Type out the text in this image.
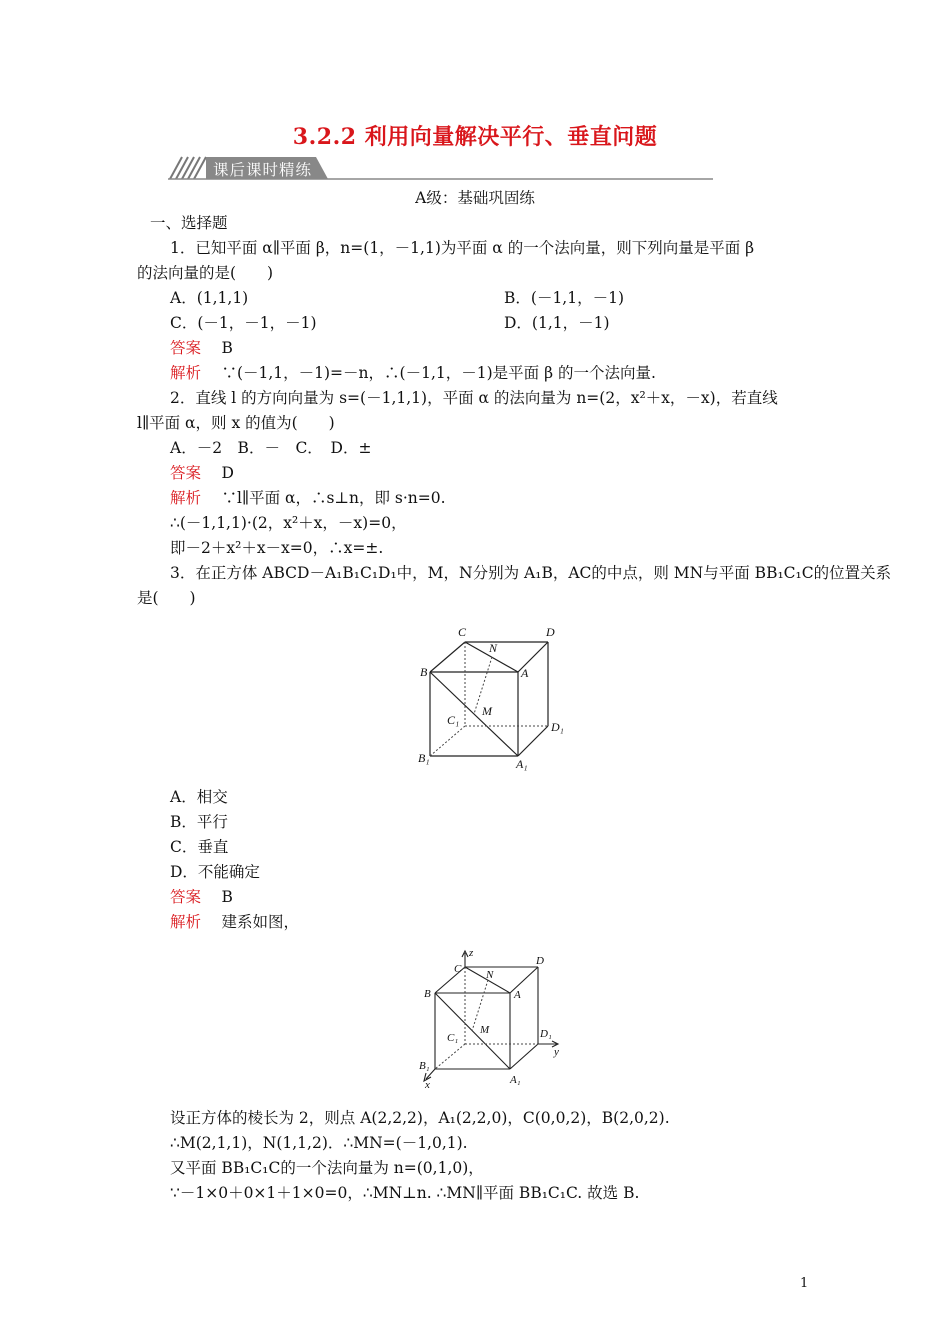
3.2.2 利用向量解决平行、垂直问题
课后课时精练
A级：基础巩固练
一、选择题
1．已知平面 α∥平面 β，n=(1，－1,1)为平面 α 的一个法向量，则下列向量是平面 β
的法向量的是(　　)
A．(1,1,1)	B．(－1,1，－1)
C．(－1，－1，－1)	D．(1,1，－1)
答案　 B
解析　 ∵(－1,1，－1)=－n，∴(－1,1，－1)是平面 β 的一个法向量.
2．直线 l 的方向向量为 s=(－1,1,1)，平面 α 的法向量为 n=(2，x²＋x，－x)，若直线
l∥平面 α，则 x 的值为(　　)
A．－2　B．－　C．　D．±
答案　 D
解析　 ∵l∥平面 α，∴s⊥n，即 s·n=0.
∴(－1,1,1)·(2，x²＋x，－x)=0，
即－2＋x²＋x－x=0，∴x=±.
3．在正方体 ABCD－A₁B₁C₁D₁中，M，N分别为 A₁B，AC的中点，则 MN与平面 BB₁C₁C的位置关系
是(　　)
C	D
N
B	A
M
C₁	D₁
B₁	A₁
A．相交
B．平行
C．垂直
D．不能确定
答案　 B
解析　 建系如图，
z
C N
D
B	A
M
C₁	D₁
y
B₁
A₁
x
设正方体的棱长为 2，则点 A(2,2,2)，A₁(2,2,0)，C(0,0,2)，B(2,0,2).
∴M(2,1,1)，N(1,1,2)．∴MN=(－1,0,1).
又平面 BB₁C₁C的一个法向量为 n=(0,1,0)，
∵－1×0＋0×1＋1×0=0，∴MN⊥n. ∴MN∥平面 BB₁C₁C. 故选 B.
1
